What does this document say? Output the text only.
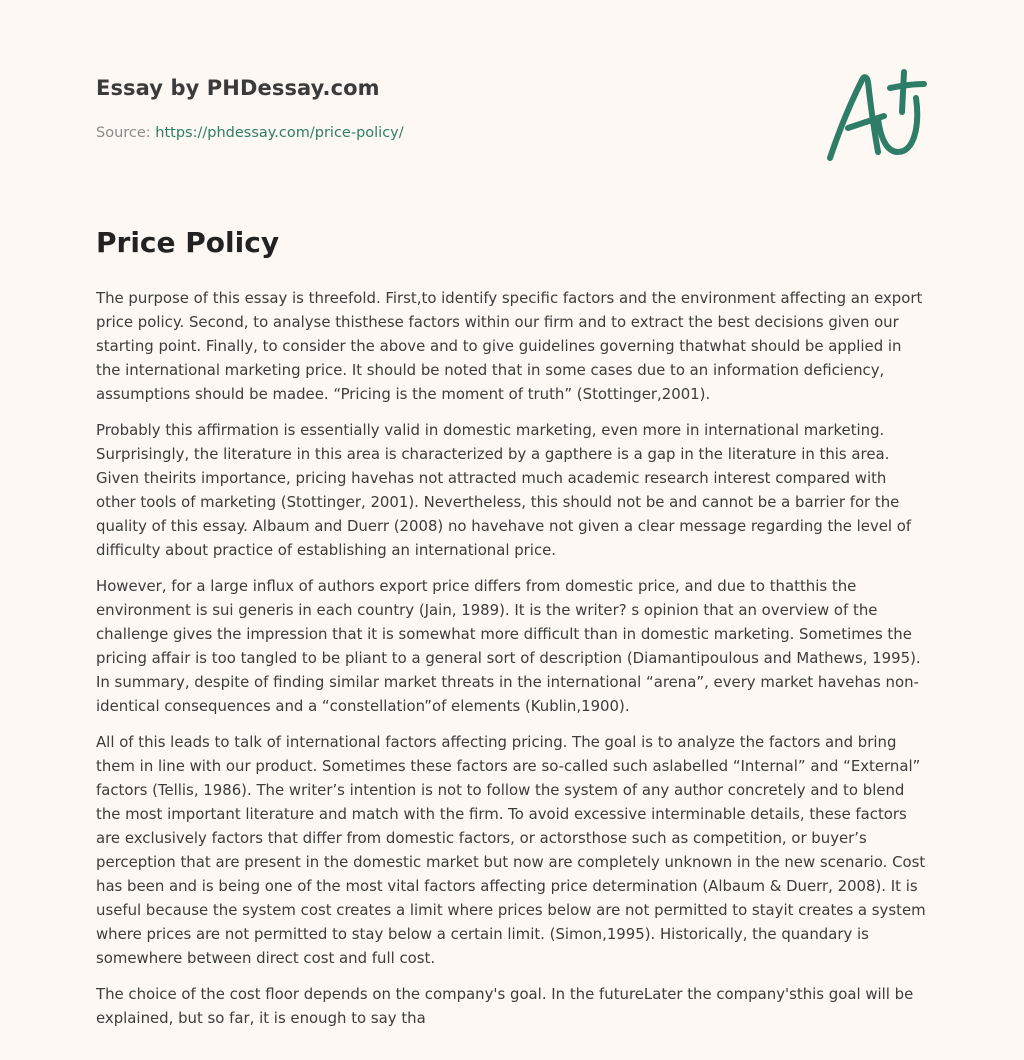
Essay by PHDessay.com
Source: https://phdessay.com/price-policy/
Price Policy

The purpose of this essay is threefold. First,to identify specific factors and the environment affecting an export price policy. Second, to analyse thisthese factors within our firm and to extract the best decisions given our starting point. Finally, to consider the above and to give guidelines governing thatwhat should be applied in the international marketing price. It should be noted that in some cases due to an information deficiency, assumptions should be madee. “Pricing is the moment of truth” (Stottinger,2001).

Probably this affirmation is essentially valid in domestic marketing, even more in international marketing. Surprisingly, the literature in this area is characterized by a gapthere is a gap in the literature in this area. Given theirits importance, pricing havehas not attracted much academic research interest compared with other tools of marketing (Stottinger, 2001). Nevertheless, this should not be and cannot be a barrier for the quality of this essay. Albaum and Duerr (2008) no havehave not given a clear message regarding the level of difficulty about practice of establishing an international price.

However, for a large influx of authors export price differs from domestic price, and due to thatthis the environment is sui generis in each country (Jain, 1989). It is the writer? s opinion that an overview of the challenge gives the impression that it is somewhat more difficult than in domestic marketing. Sometimes the pricing affair is too tangled to be pliant to a general sort of description (Diamantipoulous and Mathews, 1995). In summary, despite of finding similar market threats in the international “arena”, every market havehas non-identical consequences and a “constellation”of elements (Kublin,1900).

All of this leads to talk of international factors affecting pricing. The goal is to analyze the factors and bring them in line with our product. Sometimes these factors are so-called such aslabelled “Internal” and “External” factors (Tellis, 1986). The writer’s intention is not to follow the system of any author concretely and to blend the most important literature and match with the firm. To avoid excessive interminable details, these factors are exclusively factors that differ from domestic factors, or actorsthose such as competition, or buyer’s perception that are present in the domestic market but now are completely unknown in the new scenario. Cost has been and is being one of the most vital factors affecting price determination (Albaum & Duerr, 2008). It is useful because the system cost creates a limit where prices below are not permitted to stayit creates a system where prices are not permitted to stay below a certain limit. (Simon,1995). Historically, the quandary is somewhere between direct cost and full cost.

The choice of the cost floor depends on the company's goal. In the futureLater the company'sthis goal will be explained, but so far, it is enough to say tha
